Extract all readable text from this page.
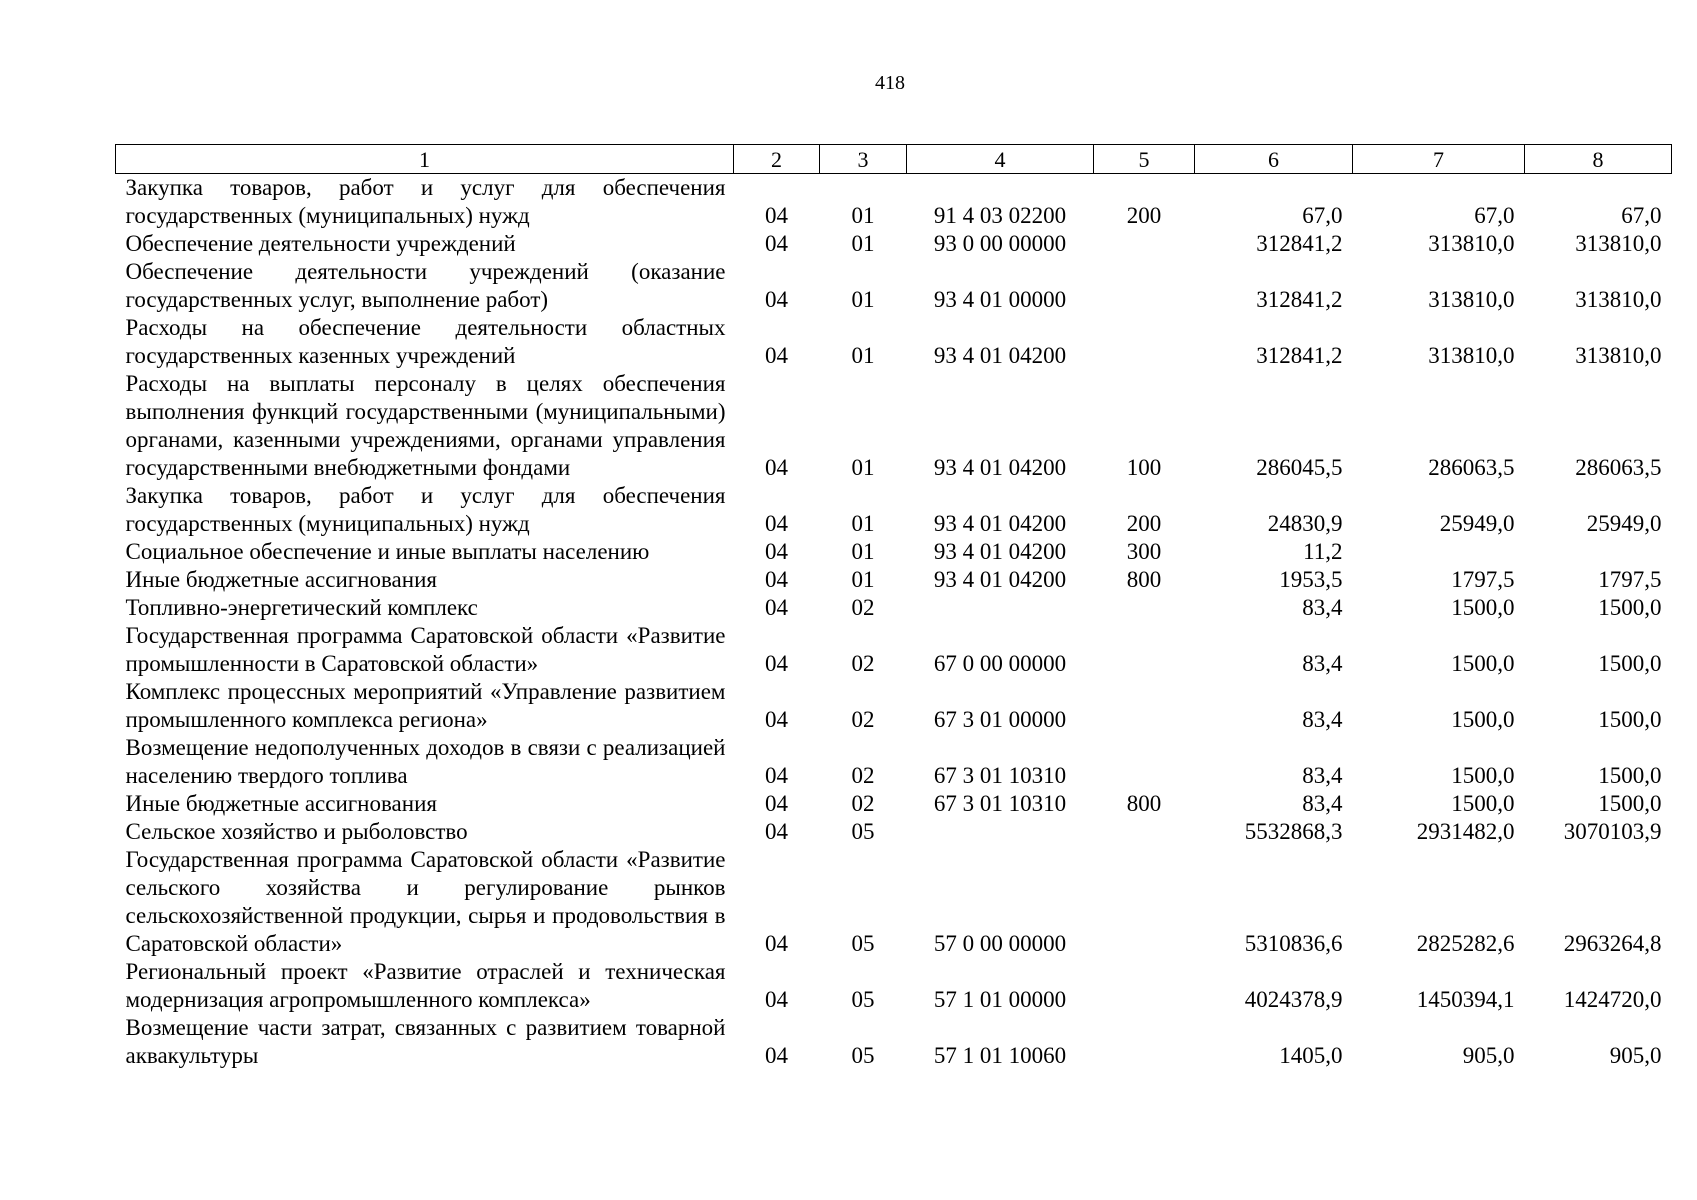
418
1	2	3	4	5	6	7	8
Закупка товаров, работ и услуг для обеспечения государственных (муниципальных) нужд	04	01	91 4 03 02200	200	67,0	67,0	67,0
Обеспечение деятельности учреждений	04	01	93 0 00 00000		312841,2	313810,0	313810,0
Обеспечение деятельности учреждений (оказание государственных услуг, выполнение работ)	04	01	93 4 01 00000		312841,2	313810,0	313810,0
Расходы на обеспечение деятельности областных государственных казенных учреждений	04	01	93 4 01 04200		312841,2	313810,0	313810,0
Расходы на выплаты персоналу в целях обеспечения выполнения функций государственными (муниципальными) органами, казенными учреждениями, органами управления государственными внебюджетными фондами	04	01	93 4 01 04200	100	286045,5	286063,5	286063,5
Закупка товаров, работ и услуг для обеспечения государственных (муниципальных) нужд	04	01	93 4 01 04200	200	24830,9	25949,0	25949,0
Социальное обеспечение и иные выплаты населению	04	01	93 4 01 04200	300	11,2		
Иные бюджетные ассигнования	04	01	93 4 01 04200	800	1953,5	1797,5	1797,5
Топливно-энергетический комплекс	04	02			83,4	1500,0	1500,0
Государственная программа Саратовской области «Развитие промышленности в Саратовской области»	04	02	67 0 00 00000		83,4	1500,0	1500,0
Комплекс процессных мероприятий «Управление развитием промышленного комплекса региона»	04	02	67 3 01 00000		83,4	1500,0	1500,0
Возмещение недополученных доходов в связи с реализацией населению твердого топлива	04	02	67 3 01 10310		83,4	1500,0	1500,0
Иные бюджетные ассигнования	04	02	67 3 01 10310	800	83,4	1500,0	1500,0
Сельское хозяйство и рыболовство	04	05			5532868,3	2931482,0	3070103,9
Государственная программа Саратовской области «Развитие сельского хозяйства и регулирование рынков сельскохозяйственной продукции, сырья и продовольствия в Саратовской области»	04	05	57 0 00 00000		5310836,6	2825282,6	2963264,8
Региональный проект «Развитие отраслей и техническая модернизация агропромышленного комплекса»	04	05	57 1 01 00000		4024378,9	1450394,1	1424720,0
Возмещение части затрат, связанных с развитием товарной аквакультуры	04	05	57 1 01 10060		1405,0	905,0	905,0
